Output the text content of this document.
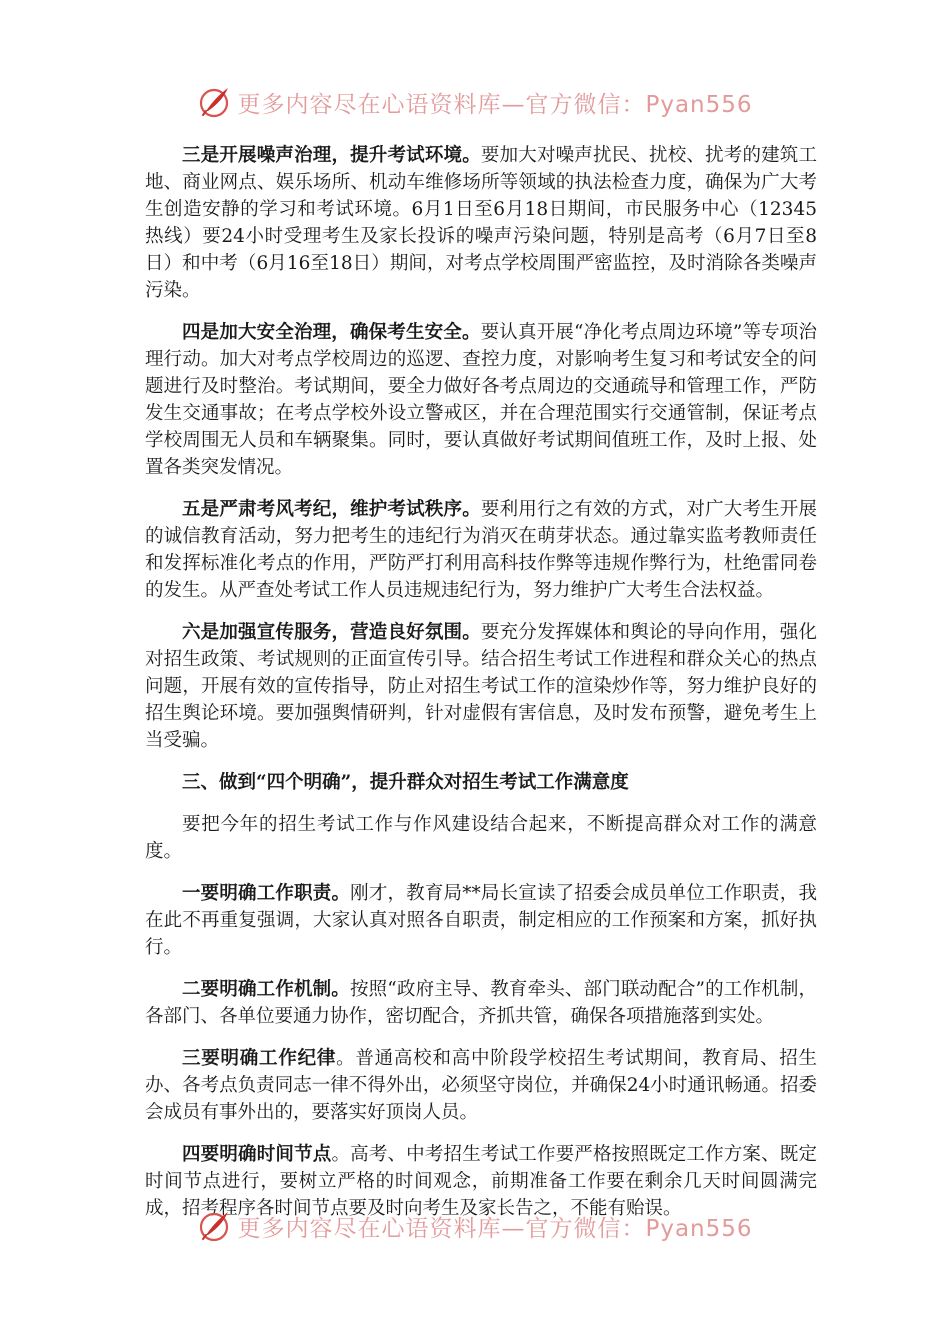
更多内容尽在心语资料库—官方微信：Pyan556

三是开展噪声治理，提升考试环境。要加大对噪声扰民、扰校、扰考的建筑工地、商业网点、娱乐场所、机动车维修场所等领域的执法检查力度，确保为广大考生创造安静的学习和考试环境。6月1日至6月18日期间，市民服务中心（12345热线）要24小时受理考生及家长投诉的噪声污染问题，特别是高考（6月7日至8日）和中考（6月16至18日）期间，对考点学校周围严密监控，及时消除各类噪声污染。

四是加大安全治理，确保考生安全。要认真开展“净化考点周边环境”等专项治理行动。加大对考点学校周边的巡逻、查控力度，对影响考生复习和考试安全的问题进行及时整治。考试期间，要全力做好各考点周边的交通疏导和管理工作，严防发生交通事故；在考点学校外设立警戒区，并在合理范围实行交通管制，保证考点学校周围无人员和车辆聚集。同时，要认真做好考试期间值班工作，及时上报、处置各类突发情况。

五是严肃考风考纪，维护考试秩序。要利用行之有效的方式，对广大考生开展的诚信教育活动，努力把考生的违纪行为消灭在萌芽状态。通过靠实监考教师责任和发挥标准化考点的作用，严防严打利用高科技作弊等违规作弊行为，杜绝雷同卷的发生。从严查处考试工作人员违规违纪行为，努力维护广大考生合法权益。

六是加强宣传服务，营造良好氛围。要充分发挥媒体和舆论的导向作用，强化对招生政策、考试规则的正面宣传引导。结合招生考试工作进程和群众关心的热点问题，开展有效的宣传指导，防止对招生考试工作的渲染炒作等，努力维护良好的招生舆论环境。要加强舆情研判，针对虚假有害信息，及时发布预警，避免考生上当受骗。

三、做到“四个明确”，提升群众对招生考试工作满意度

要把今年的招生考试工作与作风建设结合起来，不断提高群众对工作的满意度。

一要明确工作职责。刚才，教育局**局长宣读了招委会成员单位工作职责，我在此不再重复强调，大家认真对照各自职责，制定相应的工作预案和方案，抓好执行。

二要明确工作机制。按照“政府主导、教育牵头、部门联动配合”的工作机制，各部门、各单位要通力协作，密切配合，齐抓共管，确保各项措施落到实处。

三要明确工作纪律。普通高校和高中阶段学校招生考试期间，教育局、招生办、各考点负责同志一律不得外出，必须坚守岗位，并确保24小时通讯畅通。招委会成员有事外出的，要落实好顶岗人员。

四要明确时间节点。高考、中考招生考试工作要严格按照既定工作方案、既定时间节点进行，要树立严格的时间观念，前期准备工作要在剩余几天时间圆满完成，招考程序各时间节点要及时向考生及家长告之，不能有贻误。

更多内容尽在心语资料库—官方微信：Pyan556
